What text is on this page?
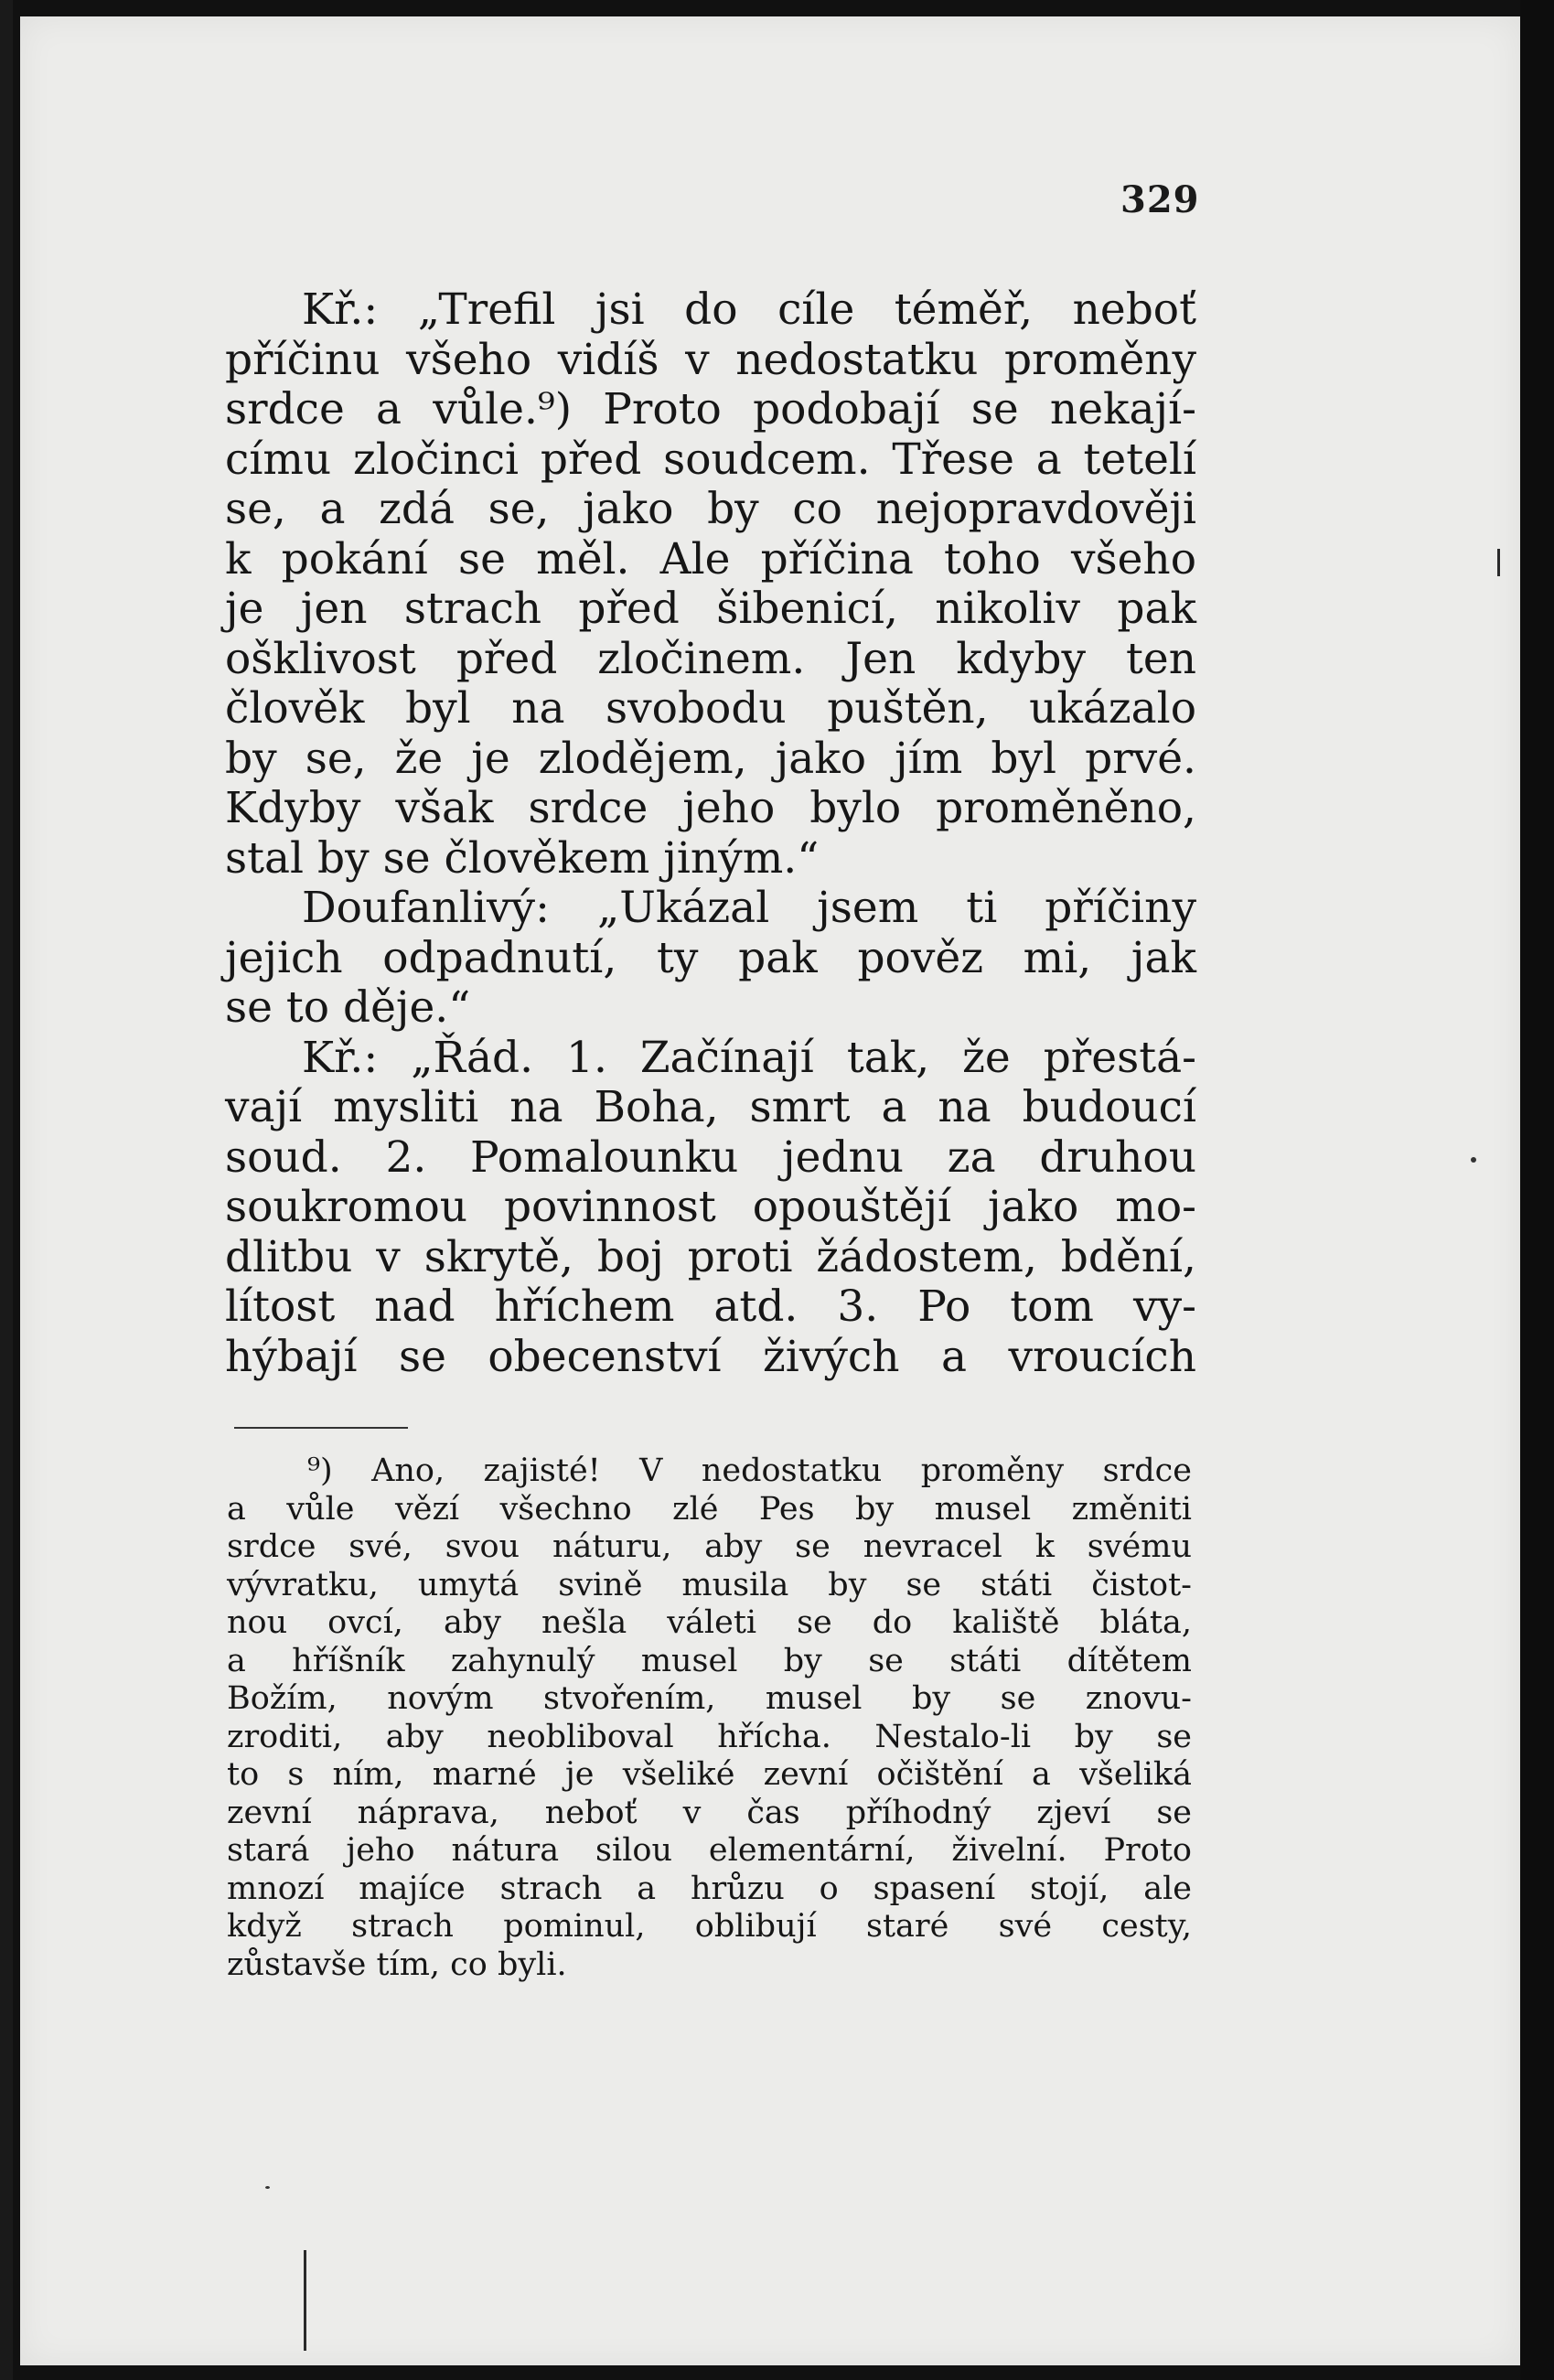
329
Kř.: „Trefil jsi do cíle téměř, neboť
příčinu všeho vidíš v nedostatku proměny
srdce a vůle.⁹) Proto podobají se nekají-
címu zločinci před soudcem. Třese a tetelí
se, a zdá se, jako by co nejopravdověji
k pokání se měl. Ale příčina toho všeho
je jen strach před šibenicí, nikoliv pak
ošklivost před zločinem. Jen kdyby ten
člověk byl na svobodu puštěn, ukázalo
by se, že je zlodějem, jako jím byl prvé.
Kdyby však srdce jeho bylo proměněno,
stal by se člověkem jiným.“
Doufanlivý: „Ukázal jsem ti příčiny
jejich odpadnutí, ty pak pověz mi, jak
se to děje.“
Kř.: „Řád. 1. Začínají tak, že přestá-
vají mysliti na Boha, smrt a na budoucí
soud. 2. Pomalounku jednu za druhou
soukromou povinnost opouštějí jako mo-
dlitbu v skrytě, boj proti žádostem, bdění,
lítost nad hříchem atd. 3. Po tom vy-
hýbají se obecenství živých a vroucích
⁹) Ano, zajisté! V nedostatku proměny srdce
a vůle vězí všechno zlé Pes by musel změniti
srdce své, svou náturu, aby se nevracel k svému
vývratku, umytá svině musila by se státi čistot-
nou ovcí, aby nešla váleti se do kaliště bláta,
a hříšník zahynulý musel by se státi dítětem
Božím, novým stvořením, musel by se znovu-
zroditi, aby neobliboval hřícha. Nestalo-li by se
to s ním, marné je všeliké zevní očištění a všeliká
zevní náprava, neboť v čas příhodný zjeví se
stará jeho nátura silou elementární, živelní. Proto
mnozí majíce strach a hrůzu o spasení stojí, ale
když strach pominul, oblibují staré své cesty,
zůstavše tím, co byli.
